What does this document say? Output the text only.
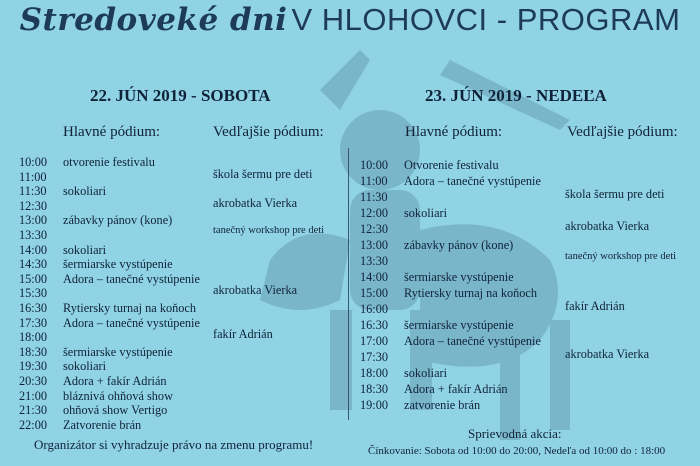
Stredoveké dni V HLOHOVCI - PROGRAM
22. JÚN 2019 - SOBOTA	23. JÚN 2019 - NEDEĽA
Hlavné pódium:	Vedľajšie pódium:	Hlavné pódium:	Vedľajšie pódium:
10:00 otvorenie festivalu
11:00	škola šermu pre deti
11:30 sokoliari
12:30	akrobatka Vierka
13:00 zábavky pánov (kone)
13:30	tanečný workshop pre deti
14:00 sokoliari
14:30 šermiarske vystúpenie
15:00 Adora – tanečné vystúpenie
15:30	akrobatka Vierka
16:30 Rytiersky turnaj na koňoch
17:30 Adora – tanečné vystúpenie
18:00	fakír Adrián
18:30 šermiarske vystúpenie
19:30 sokoliari
20:30 Adora + fakír Adrián
21:00 bláznivá ohňová show
21:30 ohňová show Vertigo
22:00 Zatvorenie brán
10:00 Otvorenie festivalu
11:00 Adora – tanečné vystúpenie
11:30	škola šermu pre deti
12:00 sokoliari
12:30	akrobatka Vierka
13:00 zábavky pánov (kone)
13:30	tanečný workshop pre deti
14:00 šermiarske vystúpenie
15:00 Rytiersky turnaj na koňoch
16:00	fakír Adrián
16:30 šermiarske vystúpenie
17:00 Adora – tanečné vystúpenie
17:30	akrobatka Vierka
18:00 sokoliari
18:30 Adora + fakír Adrián
19:00 zatvorenie brán
Organizátor si vyhradzuje právo na zmenu programu!
Sprievodná akcia:
Čínkovanie: Sobota od 10:00 do 20:00, Nedeľa od 10:00 do : 18:00
